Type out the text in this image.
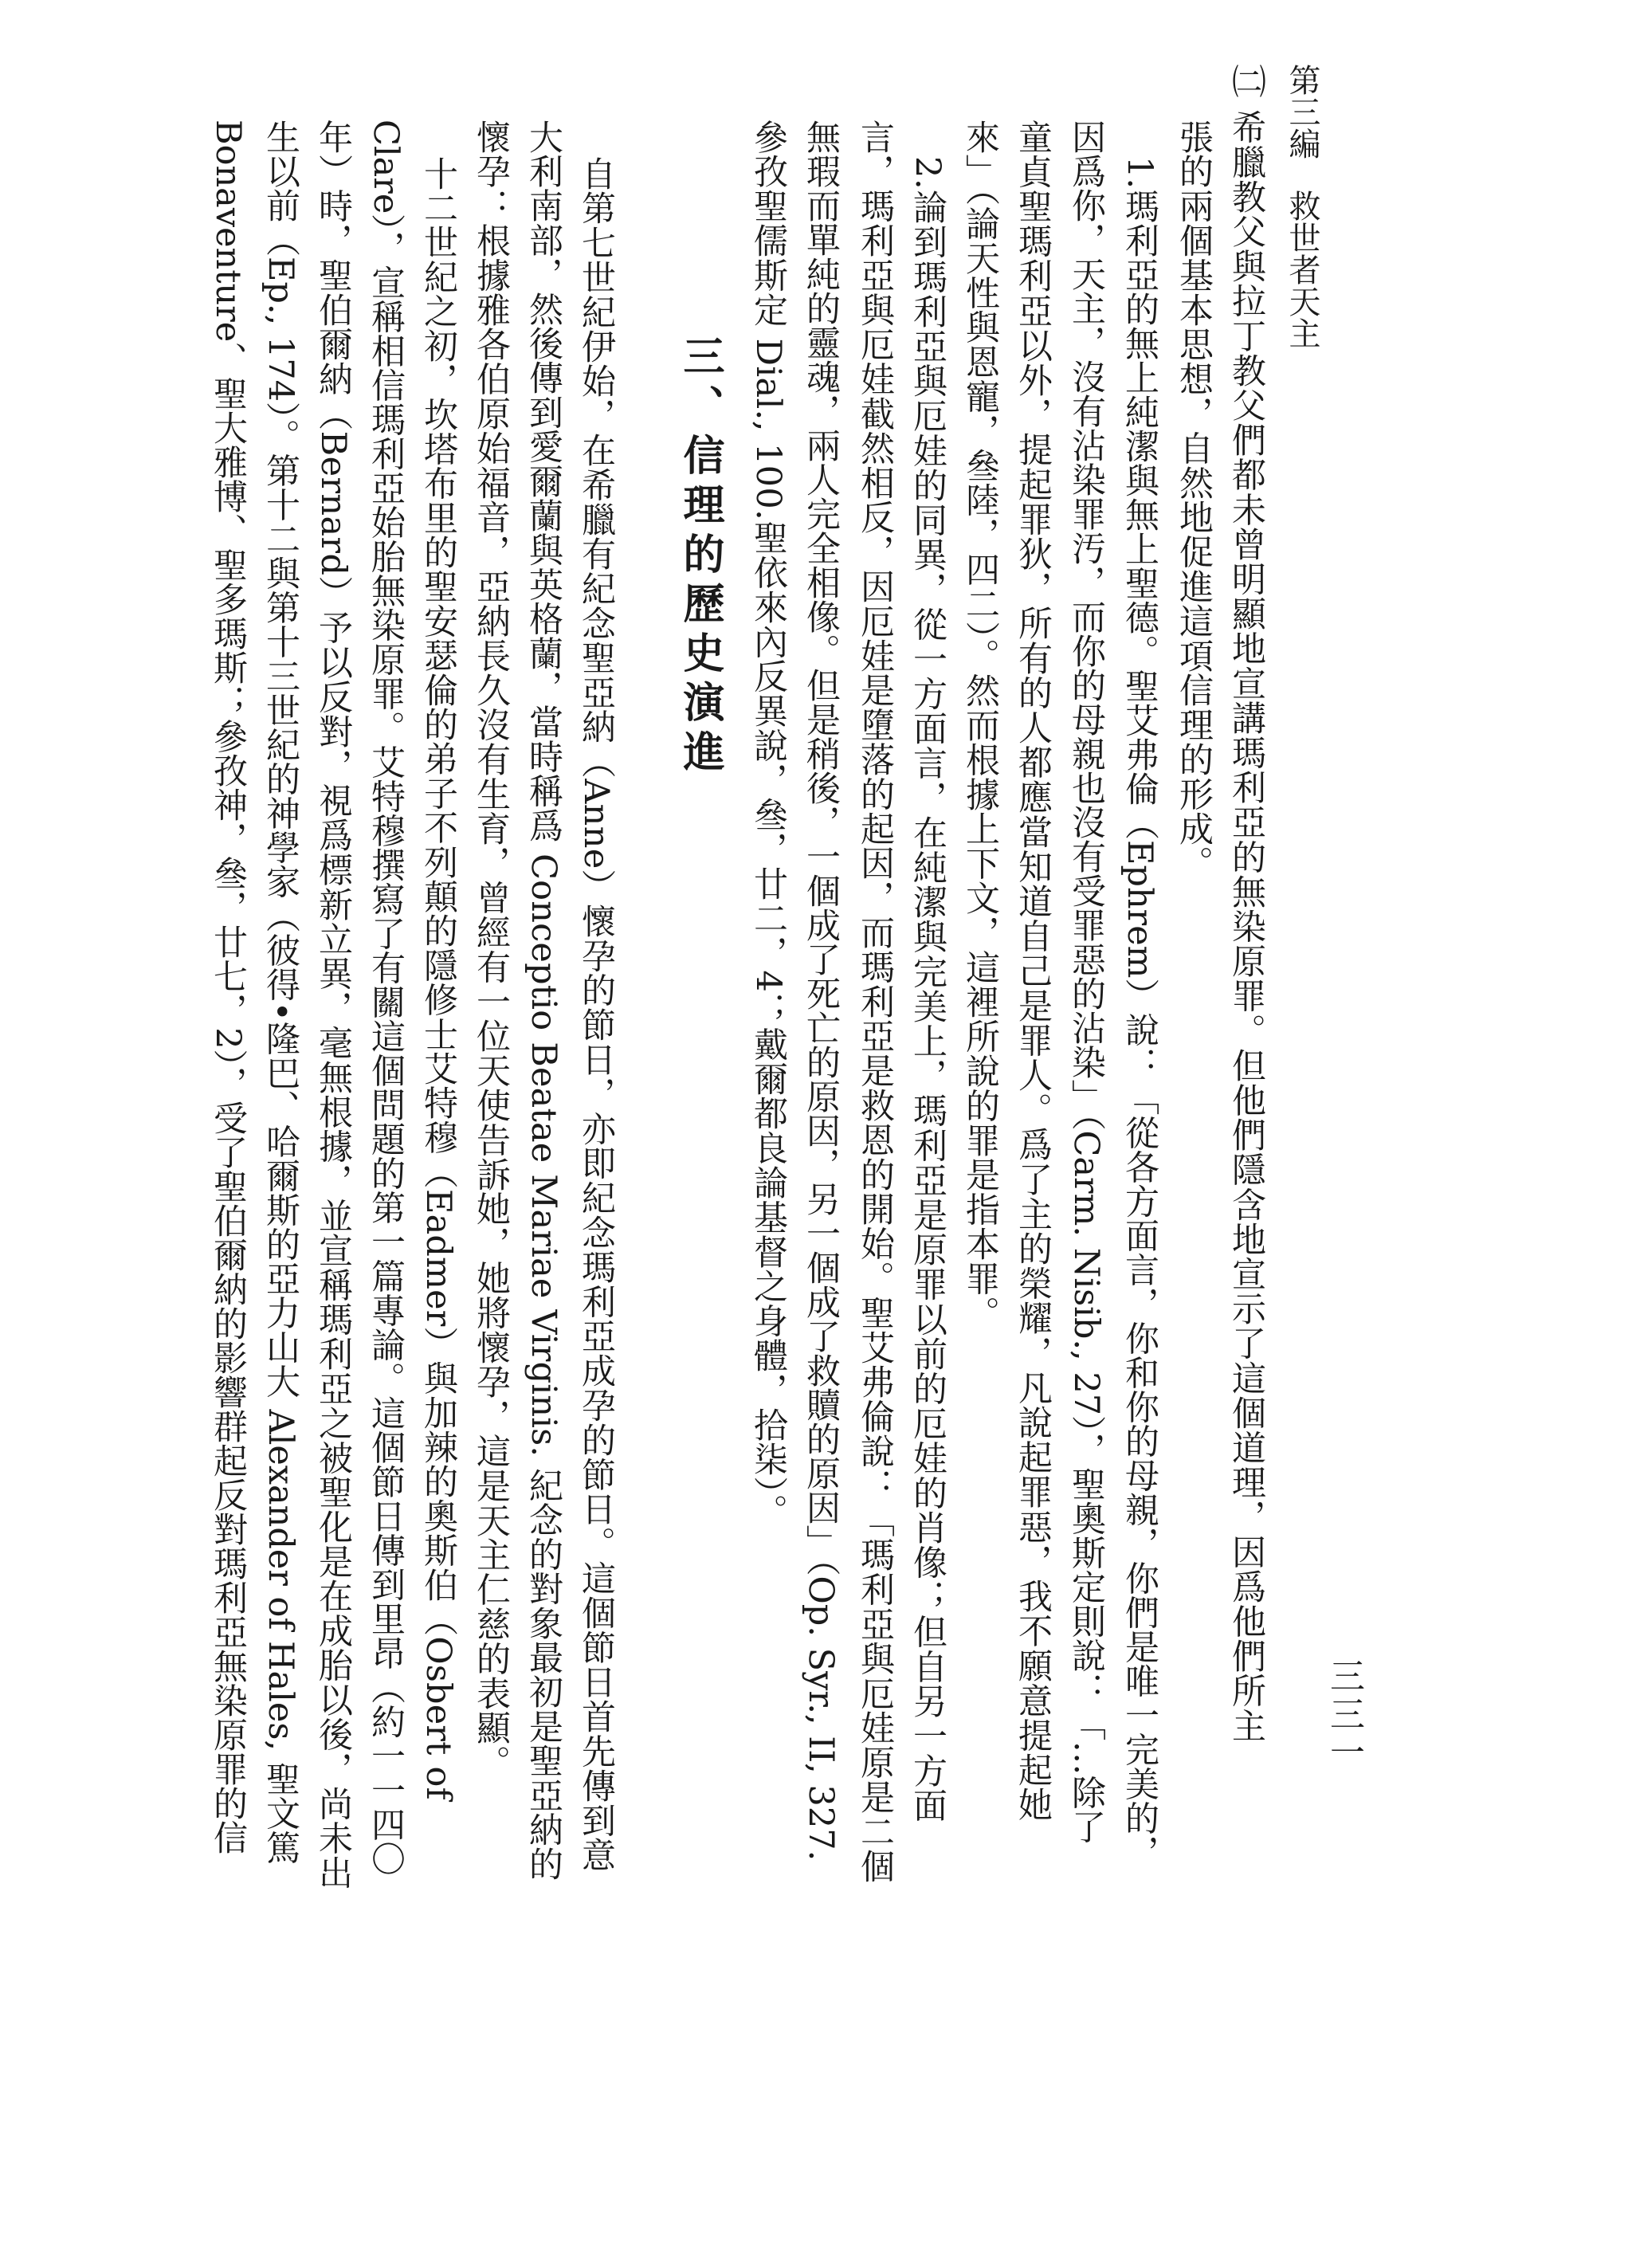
第三編救世者天主
三三一
三、信理的歷史演進	㈡ 希臘教父與拉丁教父們都未曾明顯地宣講瑪利亞的無染原罪。但他們隱含地宣示了這個道理，因爲他們所主
張的兩個基本思想，自然地促進這項信理的形成。
1.瑪利亞的無上純潔與無上聖德。聖艾弗倫（Ephrem）說：「從各方面言，你和你的母親，你們是唯一完美的，
因爲你，天主，沒有沾染罪汚，而你的母親也沒有受罪惡的沾染」（Carm. Nisib., 27），聖奧斯定則說：「…除了
童貞聖瑪利亞以外，提起罪狄，所有的人都應當知道自己是罪人。爲了主的榮耀，凡說起罪惡，我不願意提起她
來」（論天性與恩寵，叄陸，四二）。然而根據上下文，這裡所說的罪是指本罪。
2.論到瑪利亞與厄娃的同異，從一方面言，在純潔與完美上，瑪利亞是原罪以前的厄娃的肖像；但自另一方面
言，瑪利亞與厄娃截然相反，因厄娃是墮落的起因，而瑪利亞是救恩的開始。聖艾弗倫說：「瑪利亞與厄娃原是二個
無瑕而單純的靈魂，兩人完全相像。但是稍後，一個成了死亡的原因，另一個成了救贖的原因」（Op. Syr., II, 327.
參孜聖儒斯定 Dial., 100.聖依來內反異說，叄，廿二，4；戴爾都良論基督之身體，拾柒）。
自第七世紀伊始，在希臘有紀念聖亞納（Anne）懷孕的節日，亦即紀念瑪利亞成孕的節日。這個節日首先傳到意
大利南部，然後傳到愛爾蘭與英格蘭，當時稱爲 Conceptio Beatae Mariae Virginis. 紀念的對象最初是聖亞納的
懷孕：根據雅各伯原始福音，亞納長久沒有生育，曾經有一位天使告訴她，她將懷孕，這是天主仁慈的表顯。
十二世紀之初，坎塔布里的聖安瑟倫的弟子不列顛的隱修士艾特穆（Eadmer）與加辣的奧斯伯（Osbert of
Clare），宣稱相信瑪利亞始胎無染原罪。艾特穆撰寫了有關這個問題的第一篇專論。這個節日傳到里昂（約一一四〇
年）時，聖伯爾納（Bernard）予以反對，視爲標新立異，毫無根據，並宣稱瑪利亞之被聖化是在成胎以後，尚未出
生以前（Ep., 174）。第十二與第十三世紀的神學家（彼得•隆巴、哈爾斯的亞力山大 Alexander of Hales, 聖文篤
Bonaventure、聖大雅博、聖多瑪斯；參孜神，叄，廿七，2），受了聖伯爾納的影響群起反對瑪利亞無染原罪的信
